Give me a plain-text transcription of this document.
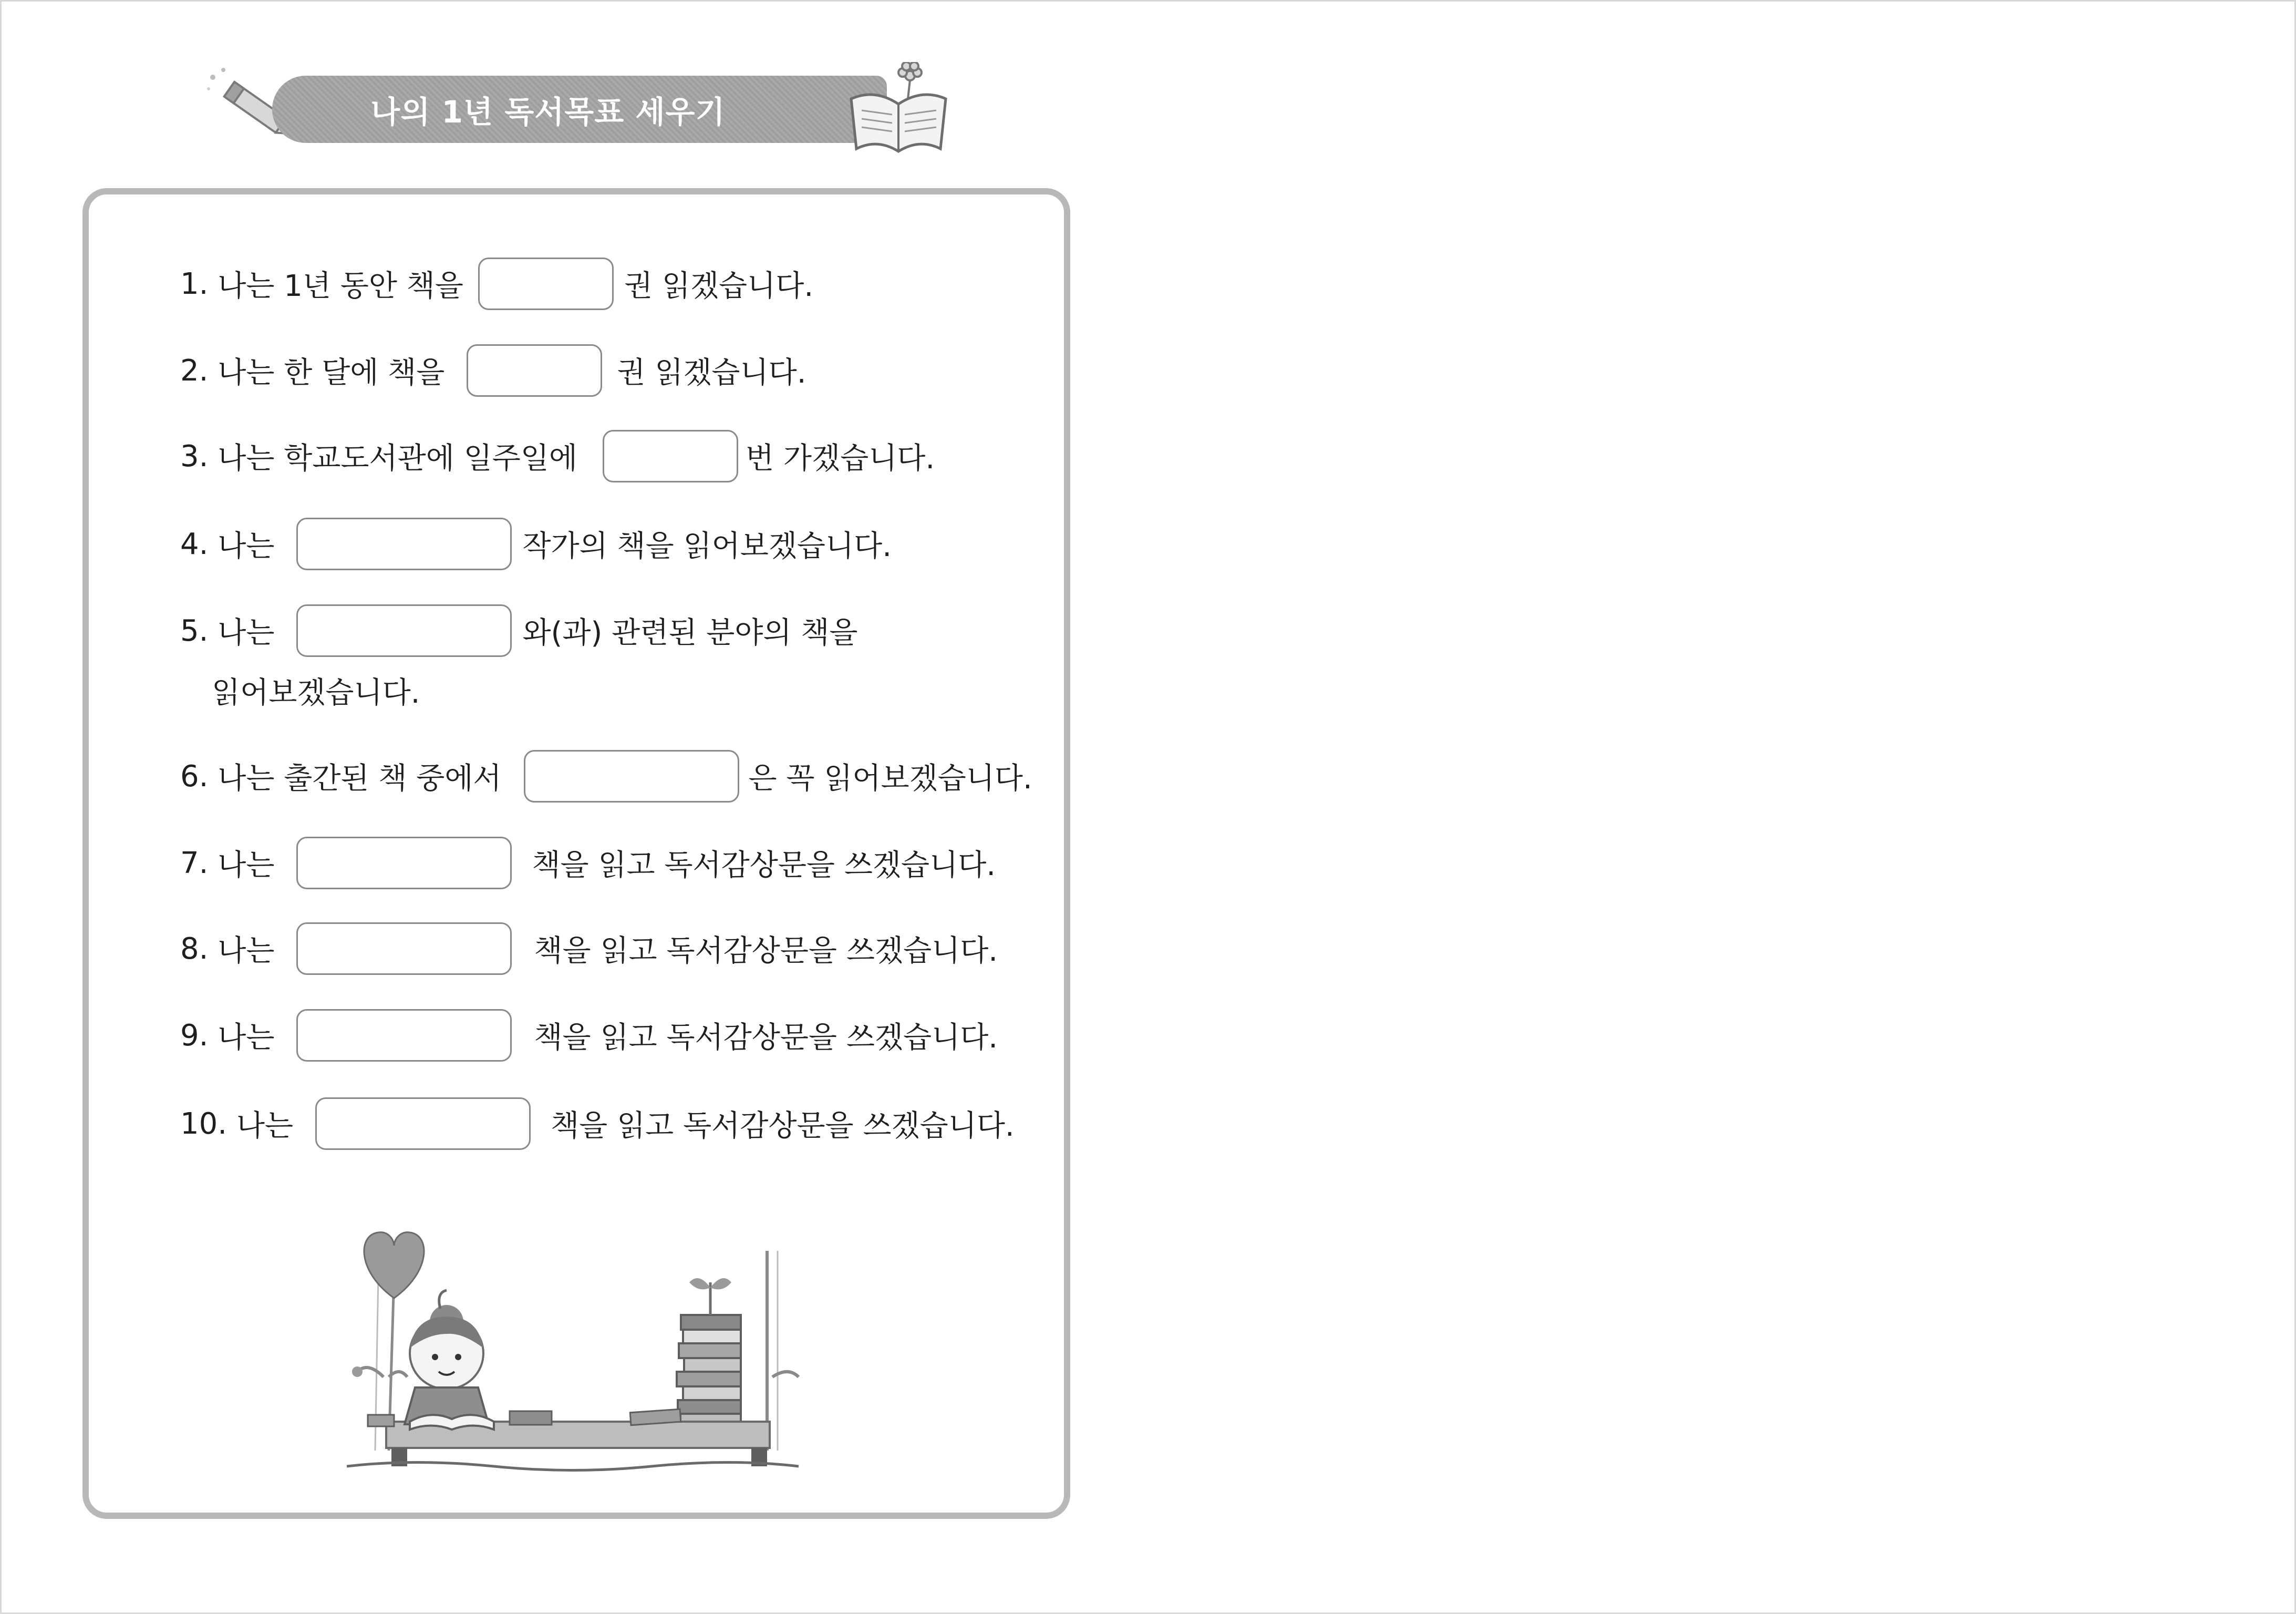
나의 1년 독서목표 세우기
1.
나는 1년 동안 책을	권 읽겠습니다.
2.
나는 한 달에 책을	권 읽겠습니다.
3.
나는 학교도서관에 일주일에	번 가겠습니다.
4.
나는	작가의 책을 읽어보겠습니다.
5.
나는	와(과) 관련된 분야의 책을
읽어보겠습니다.
6.
나는 출간된 책 중에서	은 꼭 읽어보겠습니다.
7.
나는	책을 읽고 독서감상문을 쓰겠습니다.
8.
나는	책을 읽고 독서감상문을 쓰겠습니다.
9.
나는	책을 읽고 독서감상문을 쓰겠습니다.
10.
나는	책을 읽고 독서감상문을 쓰겠습니다.
